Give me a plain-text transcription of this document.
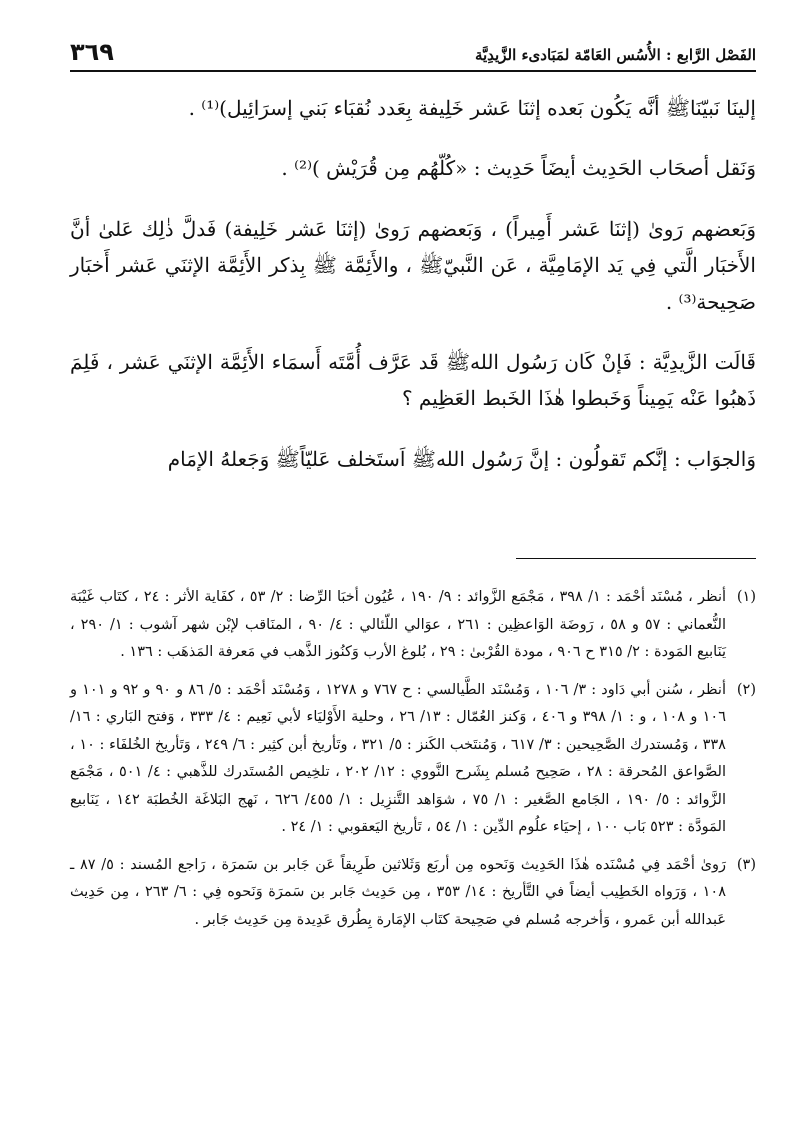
الفَصْل الرَّابع : الأُسُس العَامّة لمَبَادىء الزَّيدِيَّة
٣٦٩

إلينَا نَبيّنَاﷺ أنَّه يَكُون بَعده إثنَا عَشر خَلِيفة بِعَدد نُقبَاء بَني إسرَائِيل)⁽¹⁾ .

وَنَقل أصحَاب الحَدِيث أيضَاً حَدِيث : «كُلّهُم مِن قُرَيْش )⁽²⁾ .

وَبَعضهم رَوىٰ (إثنَا عَشر أَمِيراً) ، وَبَعضهم رَوىٰ (إثنَا عَشر خَلِيفة) فَدلَّ ذٰلِك عَلىٰ أنَّ الأَخبَار الَّتي فِي يَد الإمَامِيَّة ، عَن النَّبيّﷺ ، والأَئِمَّة ﷺ بِذكر الأَئِمَّة الإثنَي عَشر أَخبَار صَحِيحة⁽³⁾ .

قَالَت الزَّيدِيَّة : فَإنْ كَان رَسُول اللهﷺ قَد عَرَّف أُمَّتَه أَسمَاء الأَئِمَّة الإثنَي عَشر ، فَلِمَ ذَهبُوا عَنْه يَمِيناً وَخَبطوا هٰذَا الخَبط العَظِيم ؟

وَالجوَاب : إنَّكم تَقولُون : إنَّ رَسُول اللهﷺ اَستَخلف عَليّاًﷺ وَجَعلهُ الإمَام

(١)
أنظر ، مُسْنَد أحْمَد : ١/ ٣٩٨ ، مَجْمَع الزَّوائد : ٩/ ١٩٠ ، عُيُون أخبَا الرِّضا : ٢/ ٥٣ ، كفَاية الأثر : ٢٤ ، كتَاب غَيْبَة النُّعماني : ٥٧ و ٥٨ ، رَوضَة الوَاعظِين : ٢٦١ ، عوَالي اللّئالي : ٤/ ٩٠ ، المنَاقب لإبْن شهر آشوب : ١/ ٢٩٠ ، يَنَابيع المَودة : ٢/ ٣١٥ ح ٩٠٦ ، مودة القُرْبىٰ : ٢٩ ، بُلوغ الأرب وَكنُوز الذَّهب في مَعرفة المَذهَب : ١٣٦ .
(٢)
أنظر ، سُنن أبي دَاود : ٣/ ١٠٦ ، وَمُسْنَد الطَّيالسي : ح ٧٦٧ و ١٢٧٨ ، وَمُسْنَد أحْمَد : ٥/ ٨٦ و ٩٠ و ٩٢ و ١٠١ و ١٠٦ و ١٠٨ ، و : ١/ ٣٩٨ و ٤٠٦ ، وَكنز العُمّال : ١٣/ ٢٦ ، وحلية الأَوْليَاء لأبي نَعِيم : ٤/ ٣٣٣ ، وَفتح البَاري : ١٦/ ٣٣٨ ، وَمُستدرك الصَّحِيحين : ٣/ ٦١٧ ، وَمُنتَخب الكَنز : ٥/ ٣٢١ ، وتَأريخ أبن كثِير : ٦/ ٢٤٩ ، وَتَأريخ الخُلفَاء : ١٠ ، الصَّواعق المُحرقة : ٢٨ ، صَحِيح مُسلم بِشَرح النَّووي : ١٢/ ٢٠٢ ، تلخِيص المُستَدرك للذَّهبي : ٤/ ٥٠١ ، مَجْمَع الزَّوائد : ٥/ ١٩٠ ، الجَامع الصَّغير : ١/ ٧٥ ، شوَاهد التَّنزِيل : ١/ ٤٥٥/ ٦٢٦ ، نَهج البَلاغَة الخُطبَة ١٤٢ ، يَنَابيع المَودَّة : ٥٢٣ بَاب ١٠٠ ، إحيَاء علُوم الدِّين : ١/ ٥٤ ، تَأريخ اليَعقوبي : ١/ ٢٤ .
(٣)
رَوىٰ أحْمَد فِي مُسْنَده هٰذَا الحَدِيث وَنَحوه مِن أربَع وَثَلاثين طَرِيقاً عَن جَابر بن سَمرَة ، رَاجع المُسند : ٥/ ٨٧ ـ ١٠٨ ، وَرَواه الخَطِيب أيضاً في التَّأريخ : ١٤/ ٣٥٣ ، مِن حَدِيث جَابر بن سَمرَة وَنَحوه فِي : ٦/ ٢٦٣ ، مِن حَدِيث عَبدالله أبن عَمرو ، وَأخرجه مُسلم في صَحِيحة كتَاب الإمَارة بِطُرق عَدِيدة مِن حَدِيث جَابر .
